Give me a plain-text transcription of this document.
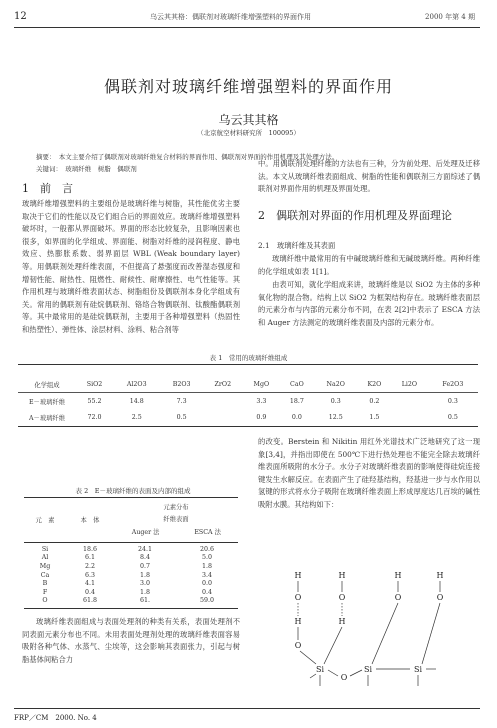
12	乌云其其格：偶联剂对玻璃纤维增强塑料的界面作用	2000 年第 4 期
偶联剂对玻璃纤维增强塑料的界面作用
乌云其其格
（北京航空材料研究所　100095）
摘要：　本文主要介绍了偶联剂对玻璃纤维复合材料的界面作用、偶联剂对界面的作用机理及其处理方法。
关键词：　玻璃纤维　树脂　偶联剂
1　前　言
玻璃纤维增强塑料的主要组份是玻璃纤维与树脂，其性能优劣主要取决于它们的性能以及它们组合后的界面效应。玻璃纤维增强塑料破坏时，一般都从界面破坏。界面的形态比较复杂，且影响因素也很多，如界面的化学组成、界面能、树脂对纤维的浸润程度、静电效应、热膨胀系数、弱界面层 WBL (Weak boundary layer) 等。用偶联剂处理纤维表面，不但提高了悬强度而改善湿态强度和增韧性能、耐热性、阻燃性、耐候性、耐摩擦性、电气性能等。其作用机理与玻璃纤维表面状态、树脂组份及偶联剂本身化学组成有关。常用的偶联剂有硅烷偶联剂、铬络合物偶联剂、钛酸酯偶联剂等。其中最常用的是硅烷偶联剂，主要用于各种增强塑料（热固性和热塑性）、弹性体、涂层材料、涂料、粘合剂等
中。用偶联剂处理纤维的方法也有三种，分为前处理、后处理及迁移法。本文从玻璃纤维表面组成、树脂的性能和偶联剂三方面综述了偶联剂对界面作用的机理及界面处理。
2　偶联剂对界面的作用机理及界面理论
2.1　玻璃纤维及其表面
玻璃纤维中最常用的有中碱玻璃纤维和无碱玻璃纤维。两种纤维的化学组成如表 1[1]。
由表可知，就化学组成来讲，玻璃纤维是以 SiO2 为主体的多种氧化物的混合物。结构上以 SiO2 为框架结构存在。玻璃纤维表面层的元素分布与内部的元素分布不同，在表 2[2]中表示了 ESCA 方法和 Auger 方法测定的玻璃纤维表面及内部的元素分布。
表 1　常用的玻璃纤维组成
化学组成	SiO2	Al2O3	B2O3	ZrO2	MgO	CaO	Na2O	K2O	Li2O	Fe2O3
E－玻璃纤维	55.2	14.8	7.3		3.3	18.7	0.3	0.2		0.3
A－玻璃纤维	72.0	2.5	0.5		0.9	0.0	12.5	1.5		0.5
表 2　E－玻璃纤维的表面及内部的组成
元　素	本　体	元素分布	
		纤维表面	
		Auger 法	ESCA 法
Si	18.6	24.1	20.6
Al	6.1	8.4	5.0
Mg	2.2	0.7	1.8
Ca	6.3	1.8	3.4
B	4.1	3.0	0.0
F	0.4	1.8	0.4
O	61.8	61.	59.0
玻璃纤维表面组成与表面处理剂的种类有关系，表面处理剂不同表面元素分布也不同。未用表面处理剂处理的玻璃纤维表面容易吸附各种气体、水蒸气、尘埃等，这会影响其表面张力，引起与树脂基体间粘合力
的改变。Berstein 和 Nikitin 用红外光谱技术广泛地研究了这一现象[3,4]，并指出即使在 500℃下进行热处理也不能完全除去玻璃纤维表面所吸附的水分子。水分子对玻璃纤维表面的影响使得硅烷连接键发生水解反应。在表面产生了硅羟基结构，羟基进一步与水作用以氢键的形式将水分子吸附在玻璃纤维表面上形成厚度达几百埃的碱性吸附水膜。其结构如下：
H
O
H
O
H
O
H
H
O
H
O
Si	Si	Si
O
FRP／CM　2000. No. 4
